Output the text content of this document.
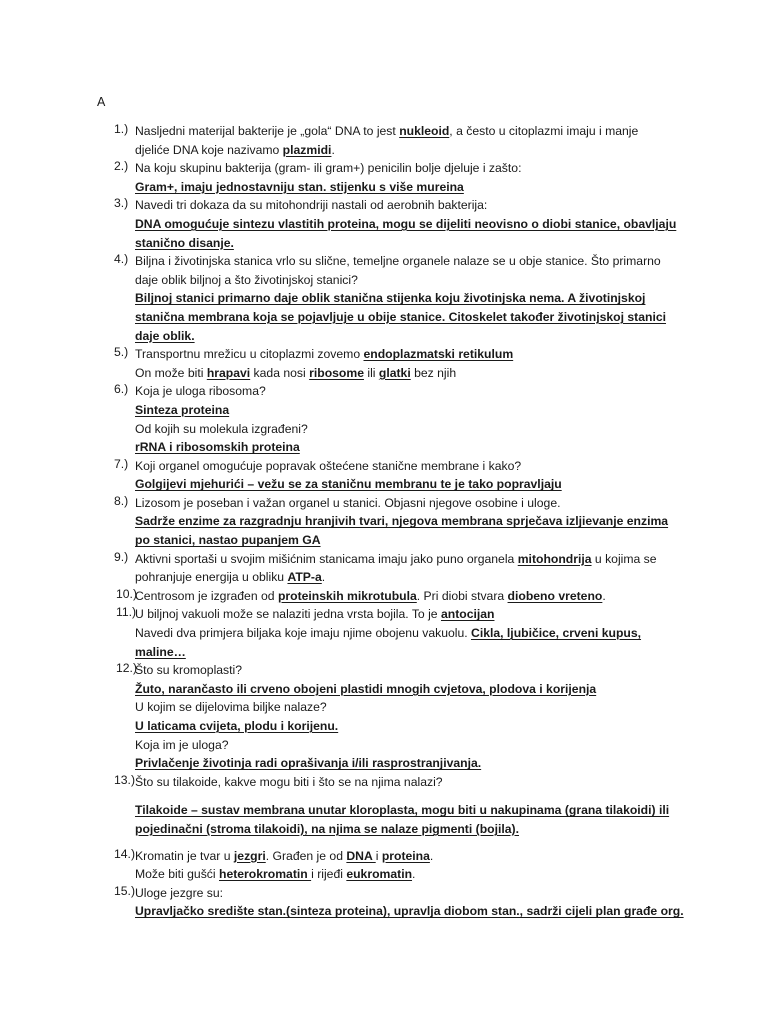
A
1.) Nasljedni materijal bakterije je „gola“ DNA to jest nukleoid, a često u citoplazmi imaju i manje
djeliće DNA koje nazivamo plazmidi.
2.) Na koju skupinu bakterija (gram- ili gram+) penicilin bolje djeluje i zašto:
Gram+, imaju jednostavniju stan. stijenku s više mureina
3.) Navedi tri dokaza da su mitohondriji nastali od aerobnih bakterija:
DNA omogućuje sintezu vlastitih proteina, mogu se dijeliti neovisno o diobi stanice, obavljaju
stanično disanje.
4.) Biljna i životinjska stanica vrlo su slične, temeljne organele nalaze se u obje stanice. Što primarno
daje oblik biljnoj a što životinjskoj stanici?
Biljnoj stanici primarno daje oblik stanična stijenka koju životinjska nema. A životinjskoj
stanična membrana koja se pojavljuje u obije stanice. Citoskelet također životinjskoj stanici
daje oblik.
5.) Transportnu mrežicu u citoplazmi zovemo endoplazmatski retikulum
On može biti hrapavi kada nosi ribosome ili glatki bez njih
6.) Koja je uloga ribosoma?
Sinteza proteina
Od kojih su molekula izgrađeni?
rRNA i ribosomskih proteina
7.) Koji organel omogućuje popravak oštećene stanične membrane i kako?
Golgijevi mjehurići – vežu se za staničnu membranu te je tako popravljaju
8.) Lizosom je poseban i važan organel u stanici. Objasni njegove osobine i uloge.
Sadrže enzime za razgradnju hranjivih tvari, njegova membrana sprječava izljievanje enzima
po stanici, nastao pupanjem GA
9.) Aktivni sportaši u svojim mišićnim stanicama imaju jako puno organela mitohondrija u kojima se
pohranjuje energija u obliku ATP-a.
10.)
Centrosom je izgrađen od proteinskih mikrotubula. Pri diobi stvara diobeno vreteno.
11.)
U biljnoj vakuoli može se nalaziti jedna vrsta bojila. To je antocijan
Navedi dva primjera biljaka koje imaju njime obojenu vakuolu. Cikla, ljubičice, crveni kupus,
maline…
12.)
Što su kromoplasti?
Žuto, narančasto ili crveno obojeni plastidi mnogih cvjetova, plodova i korijenja
U kojim se dijelovima biljke nalaze?
U laticama cvijeta, plodu i korijenu.
Koja im je uloga?
Privlačenje životinja radi oprašivanja i/ili rasprostranjivanja.
13.) Što su tilakoide, kakve mogu biti i što se na njima nalazi?
Tilakoide – sustav membrana unutar kloroplasta, mogu biti u nakupinama (grana tilakoidi) ili
pojedinačni (stroma tilakoidi), na njima se nalaze pigmenti (bojila).
14.) Kromatin je tvar u jezgri. Građen je od DNA i proteina.
Može biti gušći heterokromatin i rijeđi eukromatin.
15.) Uloge jezgre su:
Upravljačko središte stan.(sinteza proteina), upravlja diobom stan., sadrži cijeli plan građe org.
